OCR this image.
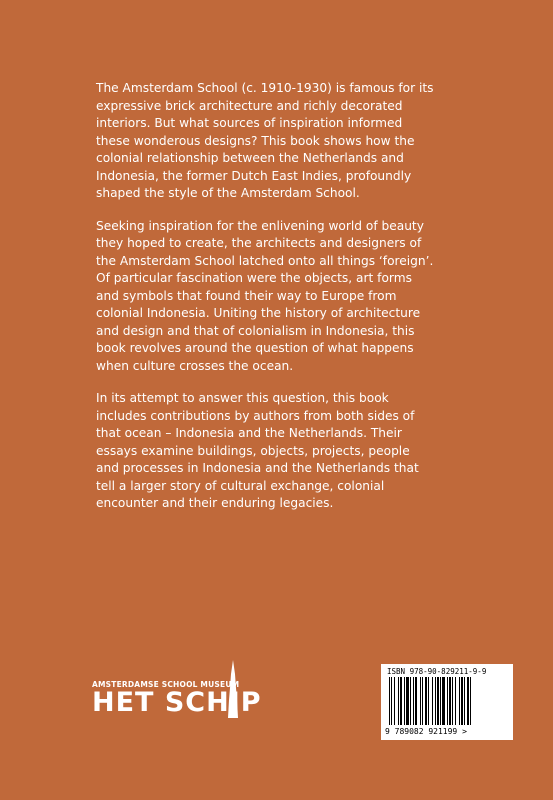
The Amsterdam School (c. 1910-1930) is famous for its expressive brick architecture and richly decorated interiors. But what sources of inspiration informed these wonderous designs? This book shows how the colonial relationship between the Netherlands and Indonesia, the former Dutch East Indies, profoundly shaped the style of the Amsterdam School.

Seeking inspiration for the enlivening world of beauty they hoped to create, the architects and designers of the Amsterdam School latched onto all things ‘foreign’. Of particular fascination were the objects, art forms and symbols that found their way to Europe from colonial Indonesia. Uniting the history of architecture and design and that of colonialism in Indonesia, this book revolves around the question of what happens when culture crosses the ocean.

In its attempt to answer this question, this book includes contributions by authors from both sides of that ocean – Indonesia and the Netherlands. Their essays examine buildings, objects, projects, people and processes in Indonesia and the Netherlands that tell a larger story of cultural exchange, colonial encounter and their enduring legacies.

AMSTERDAMSE SCHOOL MUSEUM
HET SCHIP
ISBN 978-90-829211-9-9
9 789082 921199 >
